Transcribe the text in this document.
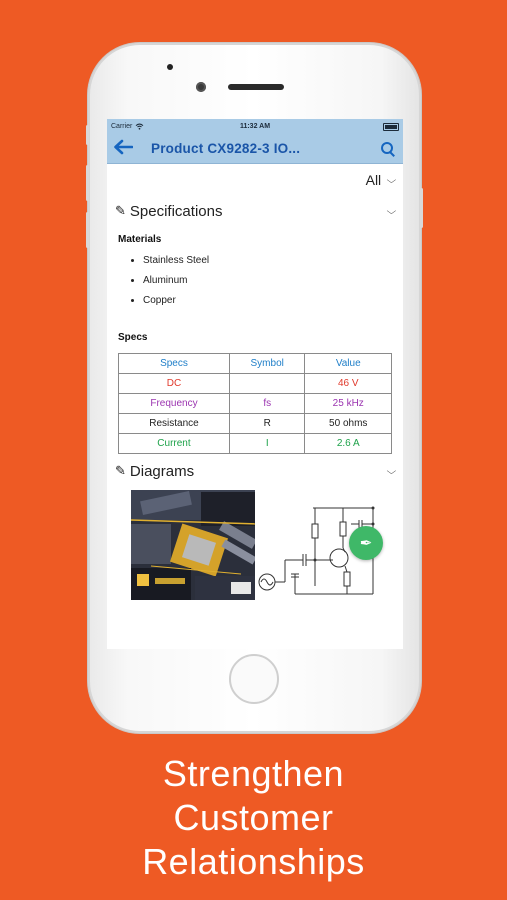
Carrier	11:32 AM
Product CX9282-3 IO...
All ⌵
✎ Specifications	⌵
Materials
• Stainless Steel
• Aluminum
• Copper
Specs
Specs	Symbol	Value
DC		46 V
Frequency	fs	25 kHz
Resistance	R	50 ohms
Current	I	2.6 A
✎ Diagrams	⌵
✒
Strengthen
Customer
Relationships
